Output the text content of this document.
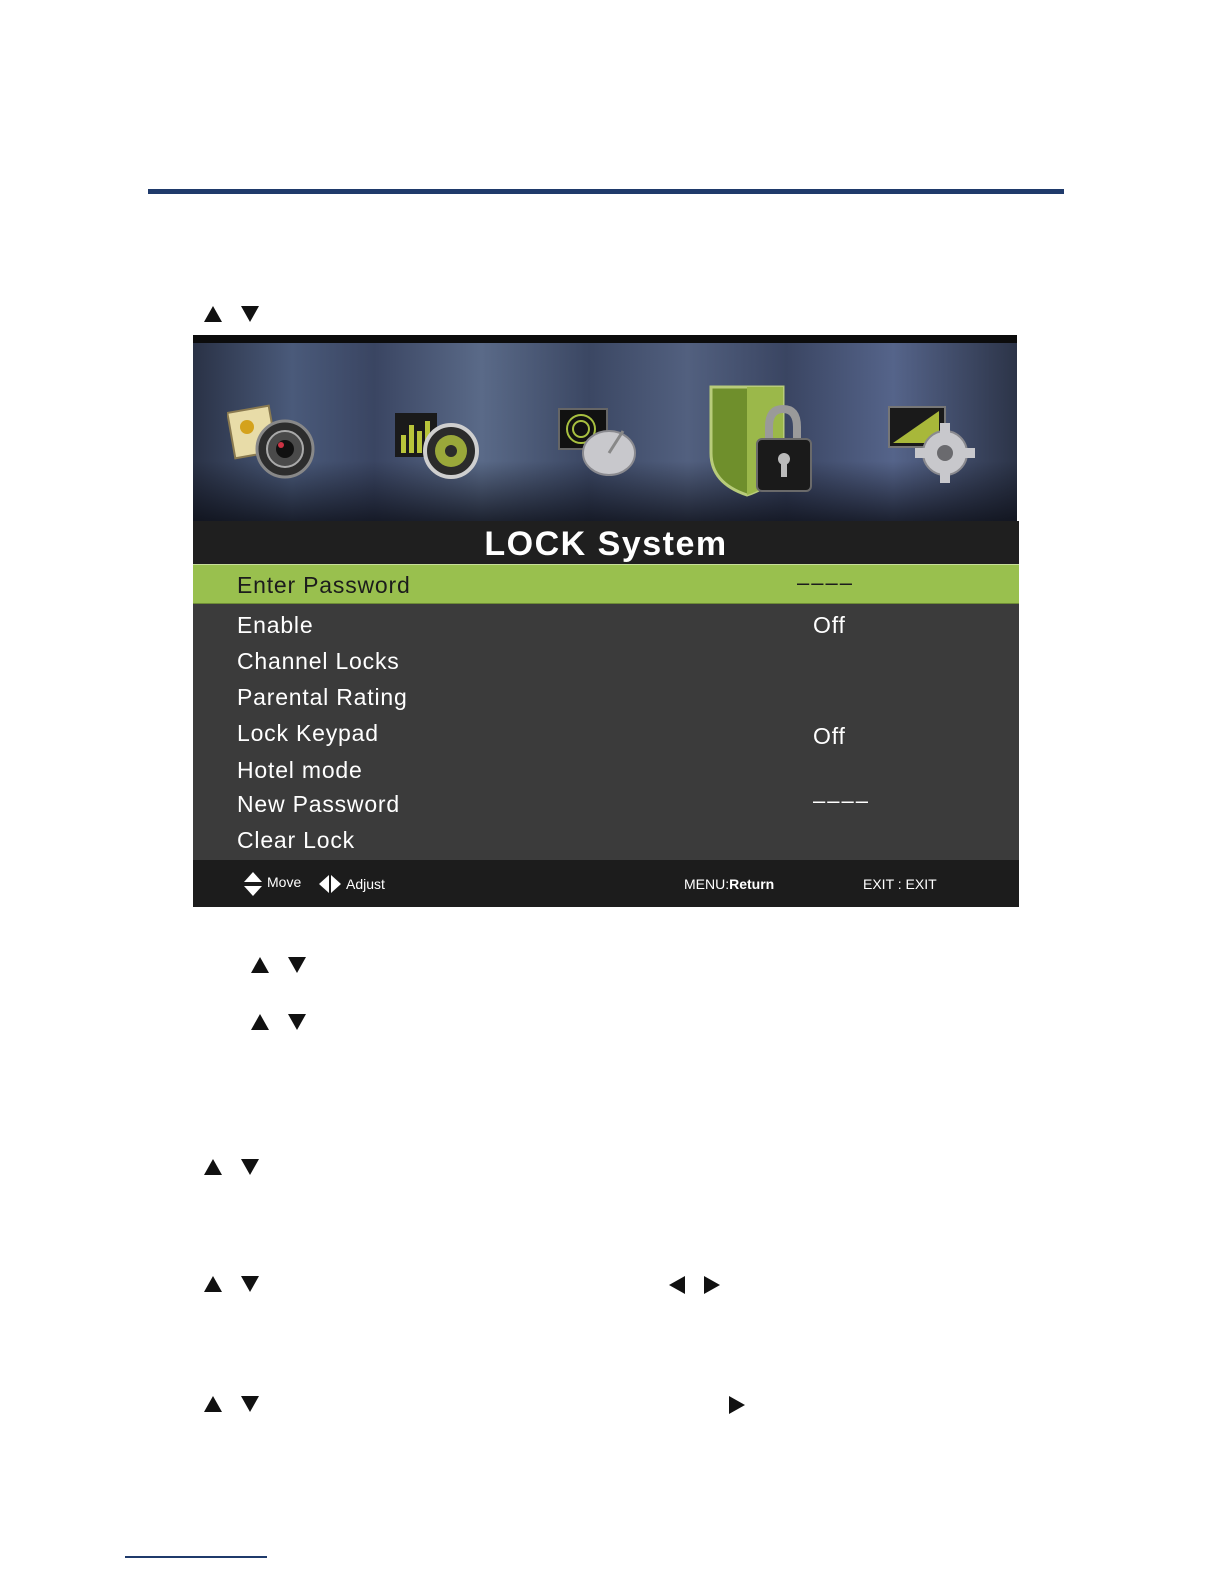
LOCK System
Enter Password	––––
Enable	Off
Channel Locks
Parental Rating
Lock Keypad	Off
Hotel mode
New Password	––––
Clear Lock
Move	Adjust	MENU:Return	EXIT : EXIT
